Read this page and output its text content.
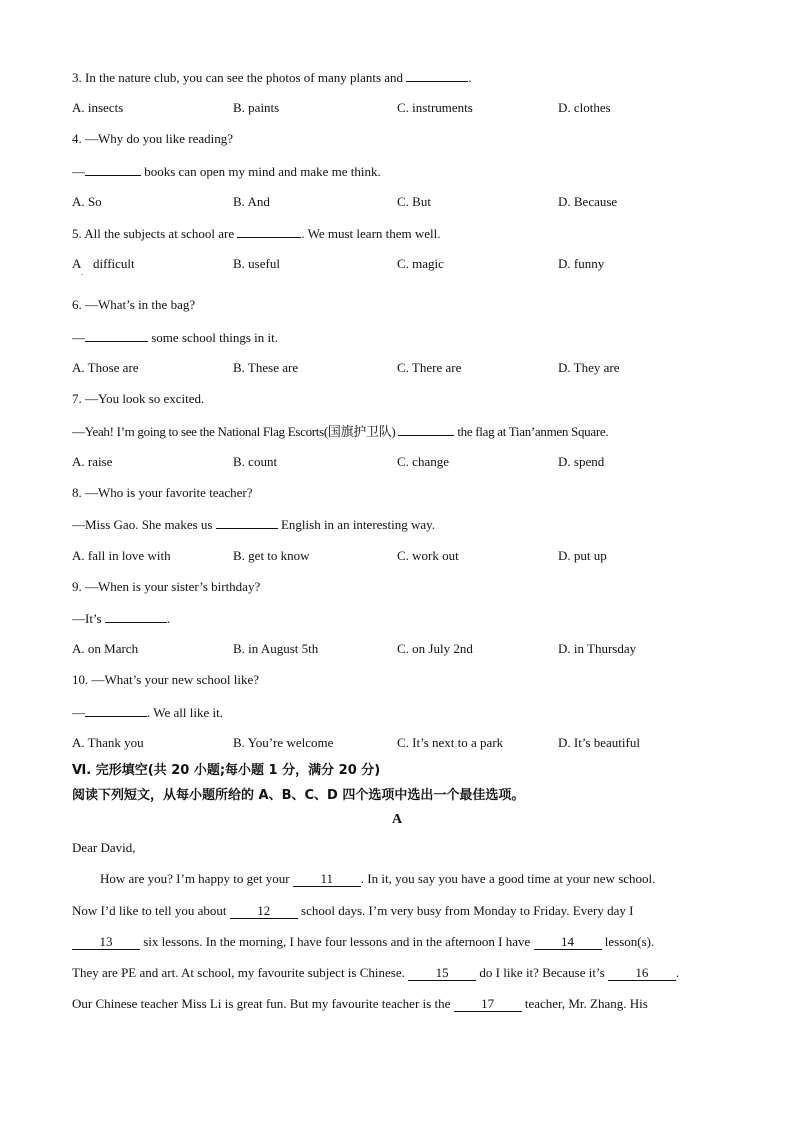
3. In the nature club, you can see the photos of many plants and	.
A. insects	B. paints	C. instruments	D. clothes
4. —Why do you like reading?
—	books can open my mind and make me think.
A. So	B. And	C. But	D. Because
5. All the subjects at school are	. We must learn them well.
A
.
difficult	B. useful	C. magic	D. funny
6. —What’s in the bag?
—	some school things in it.
A. Those are	B. These are	C. There are	D. They are
7. —You look so excited.
—Yeah! I’m going to see the National Flag Escorts(国旗护卫队)	the flag at Tian’anmen Square.
A. raise	B. count	C. change	D. spend
8. —Who is your favorite teacher?
—Miss Gao. She makes us	English in an interesting way.
A. fall in love with	B. get to know	C. work out	D. put up
9. —When is your sister’s birthday?
—It’s	.
A. on March	B. in August 5th	C. on July 2nd	D. in Thursday
10. —What’s your new school like?
—	. We all like it.
A. Thank you	B. You’re welcome	C. It’s next to a park	D. It’s beautiful
Ⅵ. 完形填空(共 20 小题;每小题 1 分，满分 20 分)
阅读下列短文，从每小题所给的 A、B、C、D 四个选项中选出一个最佳选项。
A
Dear David,
How are you? I’m happy to get your 11 . In it, you say you have a good time at your new school.
Now I’d like to tell you about 12 school days. I’m very busy from Monday to Friday. Every day I
13 six lessons. In the morning, I have four lessons and in the afternoon I have 14 lesson(s).
They are PE and art. At school, my favourite subject is Chinese. 15 do I like it? Because it’s 16 .
Our Chinese teacher Miss Li is great fun. But my favourite teacher is the 17 teacher, Mr. Zhang. His
